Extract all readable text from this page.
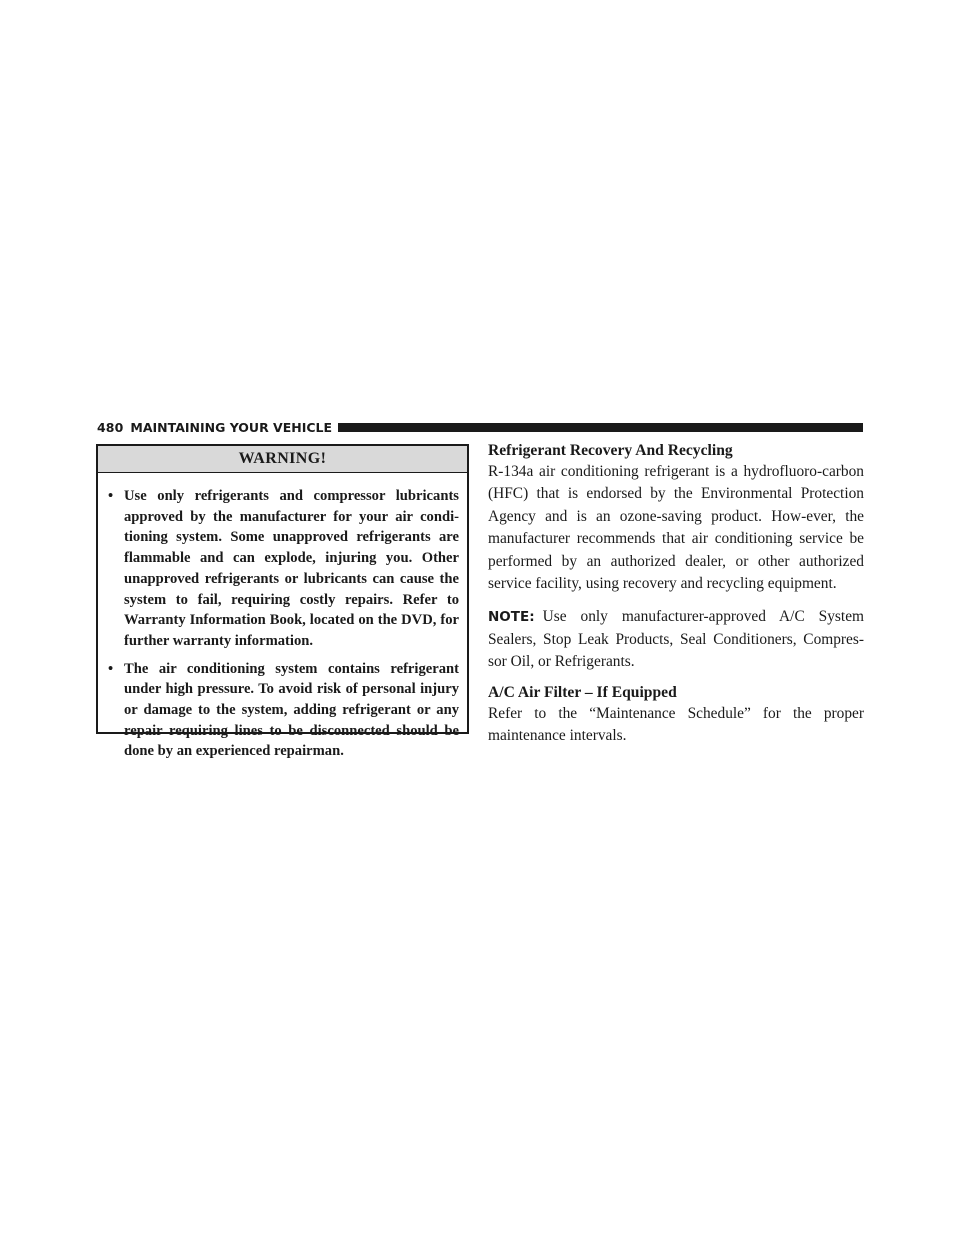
480 MAINTAINING YOUR VEHICLE
WARNING!
• Use only refrigerants and compressor lubricants approved by the manufacturer for your air condi-tioning system. Some unapproved refrigerants are flammable and can explode, injuring you. Other unapproved refrigerants or lubricants can cause the system to fail, requiring costly repairs. Refer to Warranty Information Book, located on the DVD, for further warranty information.
• The air conditioning system contains refrigerant under high pressure. To avoid risk of personal injury or damage to the system, adding refrigerant or any repair requiring lines to be disconnected should be done by an experienced repairman.
Refrigerant Recovery And Recycling

R-134a air conditioning refrigerant is a hydrofluoro-carbon (HFC) that is endorsed by the Environmental Protection Agency and is an ozone-saving product. How-ever, the manufacturer recommends that air conditioning service be performed by an authorized dealer, or other authorized service facility, using recovery and recycling equipment.

NOTE: Use only manufacturer-approved A/C System Sealers, Stop Leak Products, Seal Conditioners, Compres-sor Oil, or Refrigerants.

A/C Air Filter – If Equipped

Refer to the “Maintenance Schedule” for the proper maintenance intervals.
